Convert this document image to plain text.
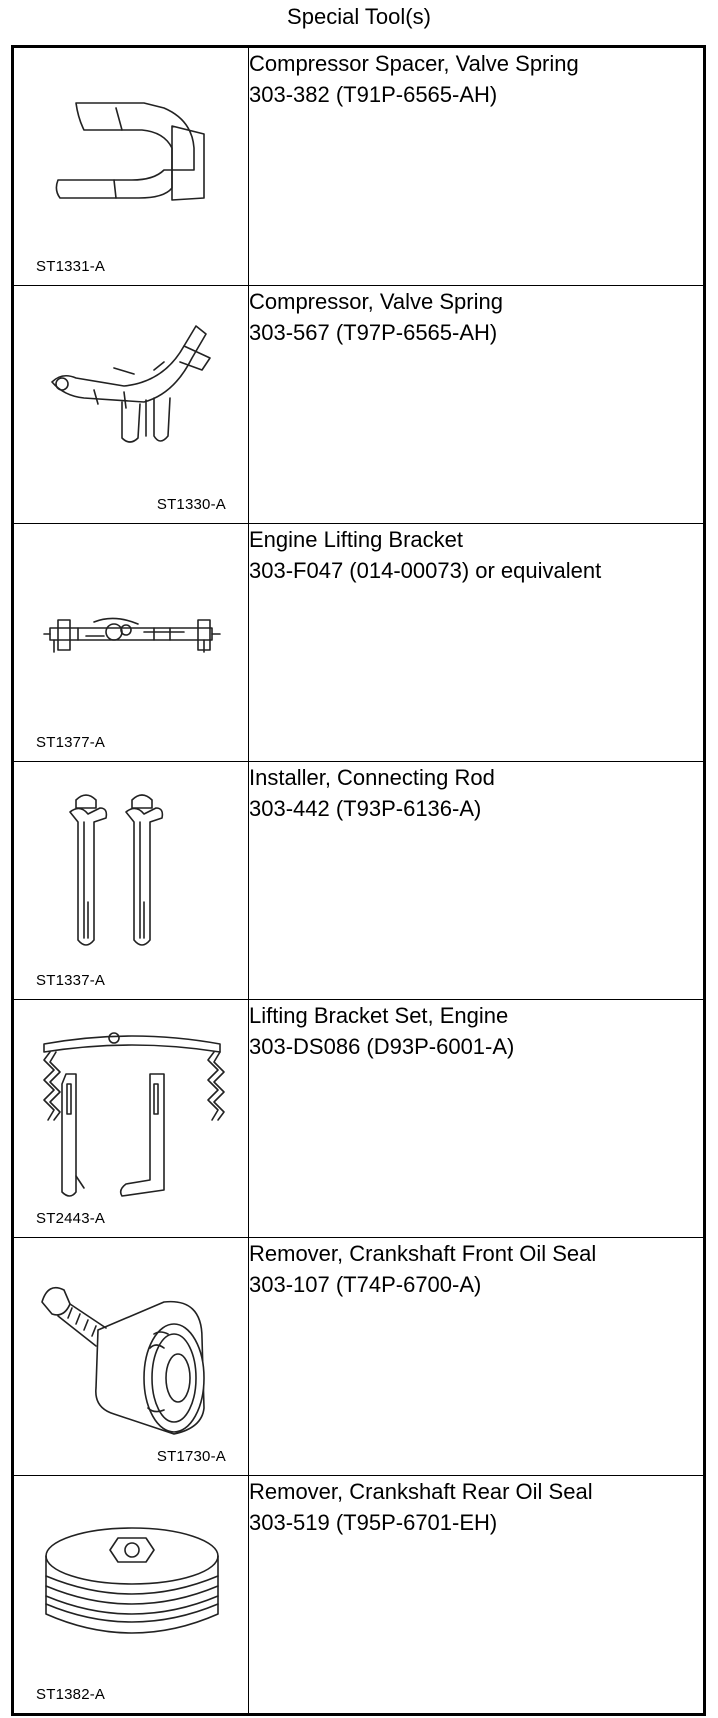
Special Tool(s)
ST1331-A	Compressor Spacer, Valve Spring
303-382 (T91P-6565-AH)

ST1330-A	Compressor, Valve Spring
303-567 (T97P-6565-AH)

ST1377-A	Engine Lifting Bracket
303-F047 (014-00073) or equivalent

ST1337-A	Installer, Connecting Rod
303-442 (T93P-6136-A)

ST2443-A	Lifting Bracket Set, Engine
303-DS086 (D93P-6001-A)

ST1730-A	Remover, Crankshaft Front Oil Seal
303-107 (T74P-6700-A)

ST1382-A	Remover, Crankshaft Rear Oil Seal
303-519 (T95P-6701-EH)
